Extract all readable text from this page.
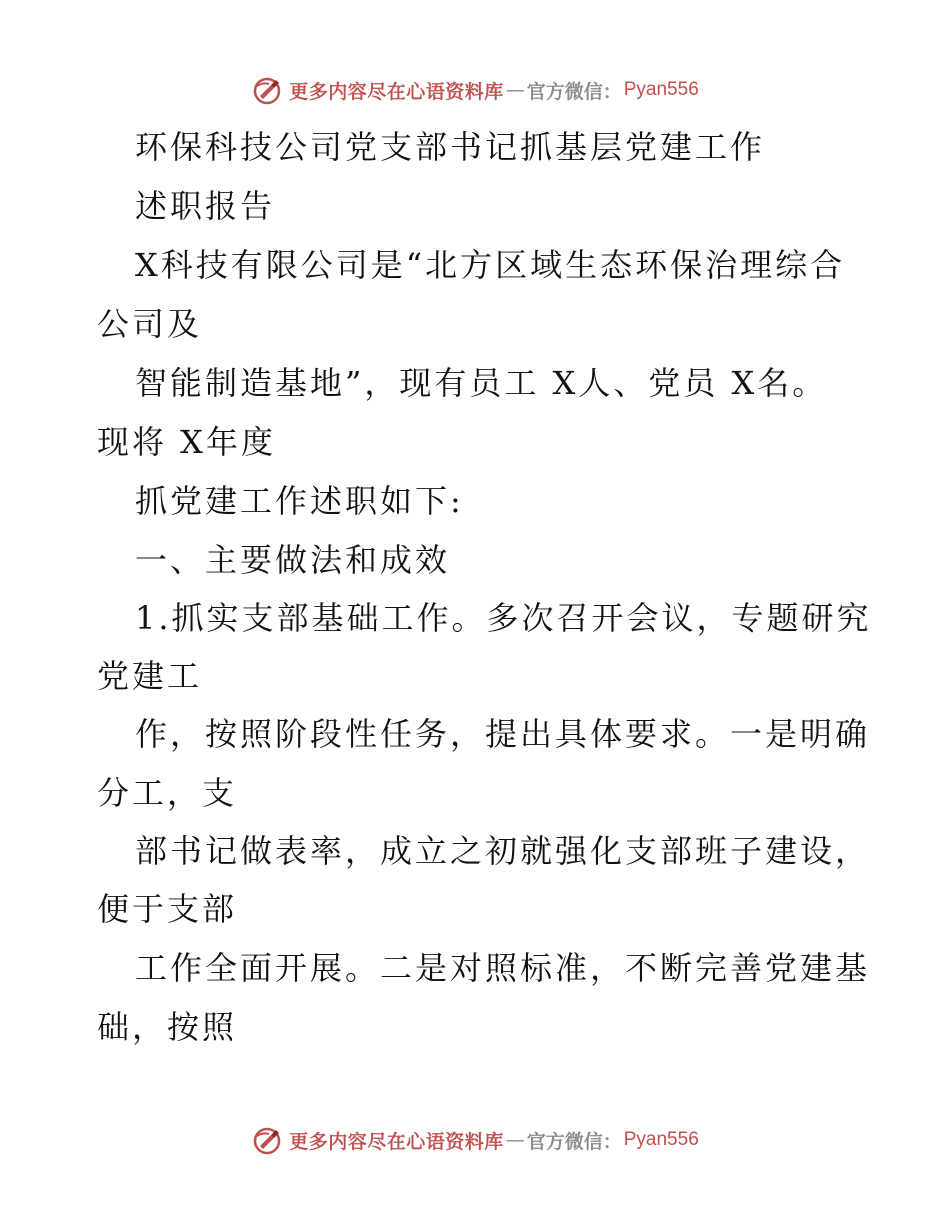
更多内容尽在心语资料库 — 官方微信： Pyan556
环保科技公司党支部书记抓基层党建工作
述职报告
X科技有限公司是“北方区域生态环保治理综合
公司及
智能制造基地”，现有员工 X人、党员 X名。
现将 X年度
抓党建工作述职如下:
一、主要做法和成效
1.抓实支部基础工作。多次召开会议，专题研究
党建工
作，按照阶段性任务，提出具体要求。一是明确
分工，支
部书记做表率，成立之初就强化支部班子建设，
便于支部
工作全面开展。二是对照标准，不断完善党建基
础，按照
更多内容尽在心语资料库 — 官方微信： Pyan556
